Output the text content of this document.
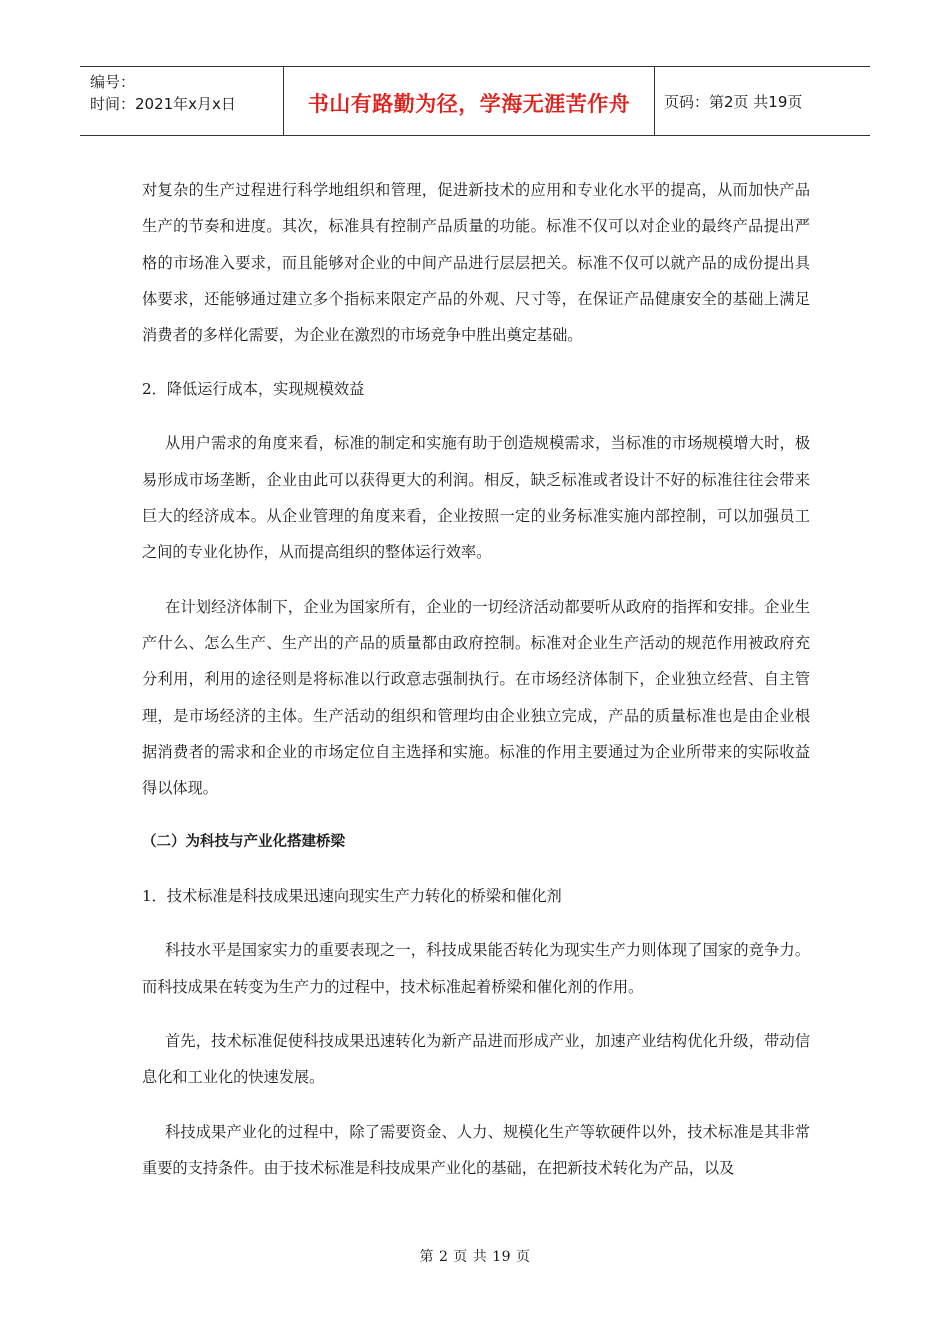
编号：
时间：2021年x月x日	书山有路勤为径，学海无涯苦作舟 页码：第2页 共19页

对复杂的生产过程进行科学地组织和管理，促进新技术的应用和专业化水平的提高，从而加快产品生产的节奏和进度。其次，标准具有控制产品质量的功能。标准不仅可以对企业的最终产品提出严格的市场准入要求，而且能够对企业的中间产品进行层层把关。标准不仅可以就产品的成份提出具体要求，还能够通过建立多个指标来限定产品的外观、尺寸等，在保证产品健康安全的基础上满足消费者的多样化需要，为企业在激烈的市场竞争中胜出奠定基础。

2．降低运行成本，实现规模效益

从用户需求的角度来看，标准的制定和实施有助于创造规模需求，当标准的市场规模增大时，极易形成市场垄断，企业由此可以获得更大的利润。相反，缺乏标准或者设计不好的标准往往会带来巨大的经济成本。从企业管理的角度来看，企业按照一定的业务标准实施内部控制，可以加强员工之间的专业化协作，从而提高组织的整体运行效率。

在计划经济体制下，企业为国家所有，企业的一切经济活动都要听从政府的指挥和安排。企业生产什么、怎么生产、生产出的产品的质量都由政府控制。标准对企业生产活动的规范作用被政府充分利用，利用的途径则是将标准以行政意志强制执行。在市场经济体制下，企业独立经营、自主管理，是市场经济的主体。生产活动的组织和管理均由企业独立完成，产品的质量标准也是由企业根据消费者的需求和企业的市场定位自主选择和实施。标准的作用主要通过为企业所带来的实际收益得以体现。

（二）为科技与产业化搭建桥梁

1．技术标准是科技成果迅速向现实生产力转化的桥梁和催化剂

科技水平是国家实力的重要表现之一，科技成果能否转化为现实生产力则体现了国家的竞争力。而科技成果在转变为生产力的过程中，技术标准起着桥梁和催化剂的作用。

首先，技术标准促使科技成果迅速转化为新产品进而形成产业，加速产业结构优化升级，带动信息化和工业化的快速发展。

科技成果产业化的过程中，除了需要资金、人力、规模化生产等软硬件以外，技术标准是其非常重要的支持条件。由于技术标准是科技成果产业化的基础，在把新技术转化为产品，以及

第 2 页 共 19 页
